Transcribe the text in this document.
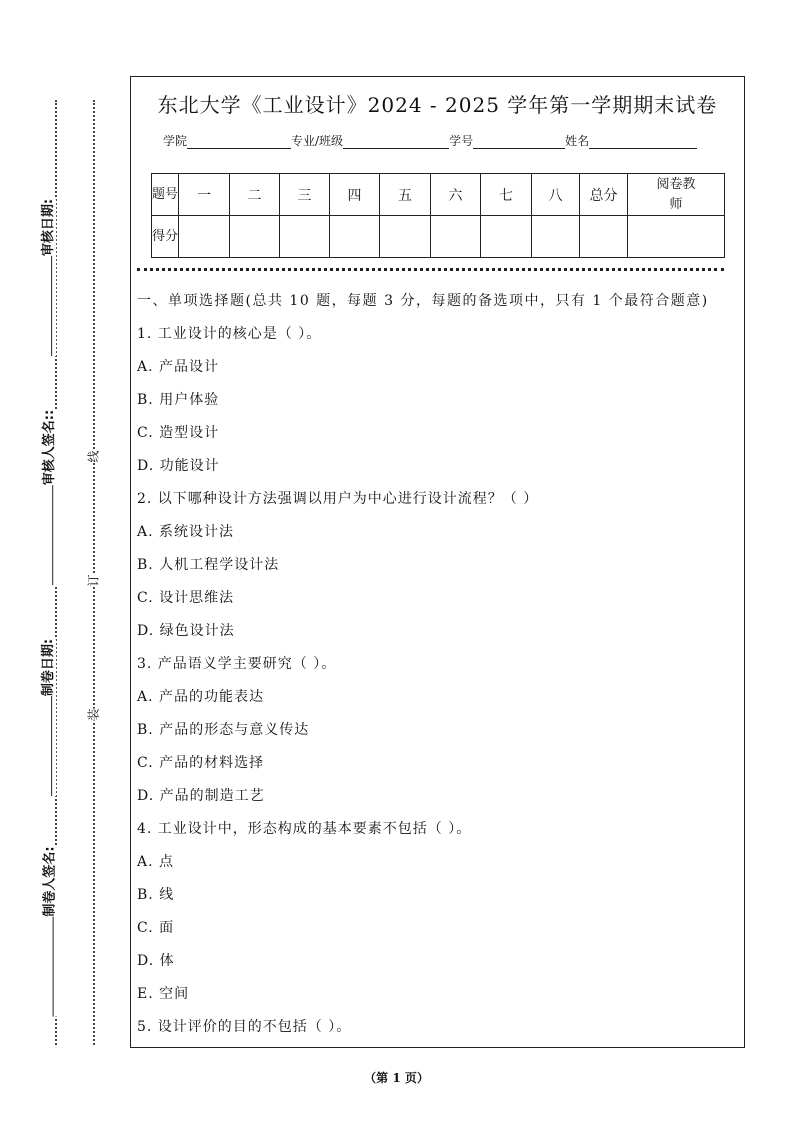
审核日期:
审核人签名::
制卷日期:
制卷人签名:
线
订
装
东北大学《工业设计》2024 - 2025 学年第一学期期末试卷
学院	专业/班级	学号	姓名
题号	一	二	三	四	五	六	七	八	总分	阅卷教师
得分										
一、单项选择题(总共 10 题，每题 3 分，每题的备选项中，只有 1 个最符合题意)
1. 工业设计的核心是（ ）。
A. 产品设计
B. 用户体验
C. 造型设计
D. 功能设计
2. 以下哪种设计方法强调以用户为中心进行设计流程？（ ）
A. 系统设计法
B. 人机工程学设计法
C. 设计思维法
D. 绿色设计法
3. 产品语义学主要研究（ ）。
A. 产品的功能表达
B. 产品的形态与意义传达
C. 产品的材料选择
D. 产品的制造工艺
4. 工业设计中，形态构成的基本要素不包括（ ）。
A. 点
B. 线
C. 面
D. 体
E. 空间
5. 设计评价的目的不包括（ ）。
（第 1 页）
